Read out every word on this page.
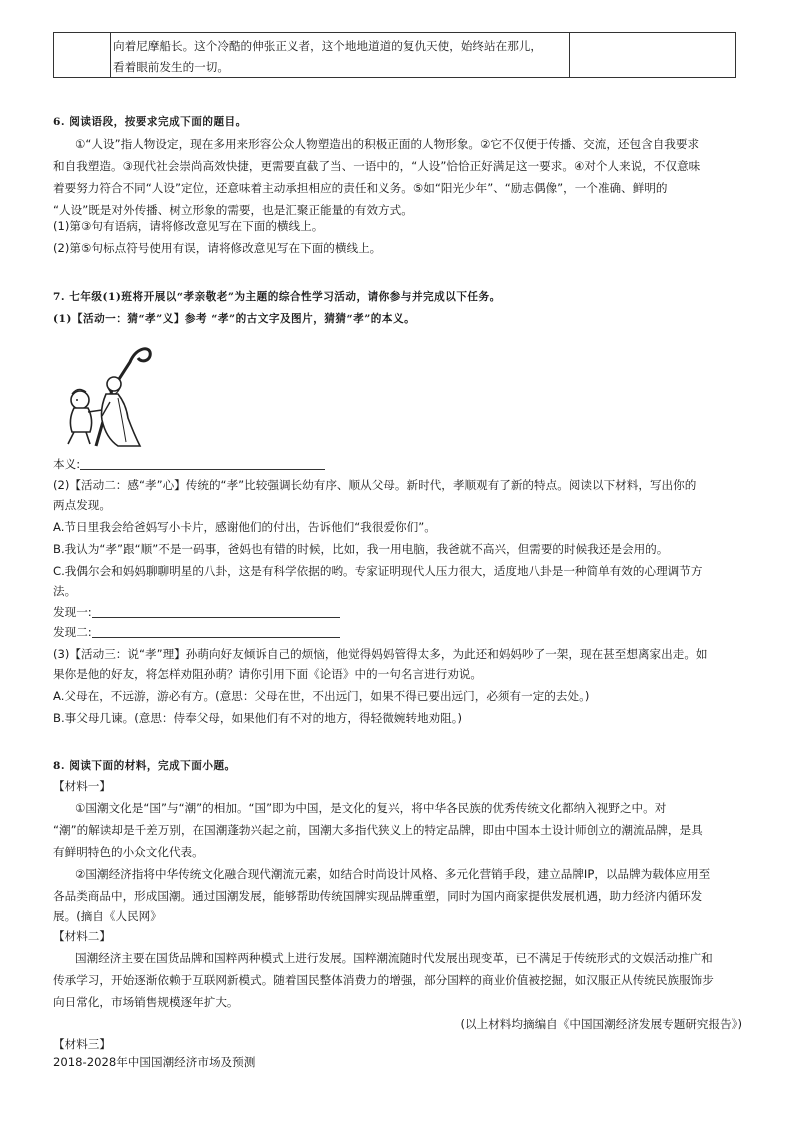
向着尼摩船长。这个冷酷的伸张正义者，这个地地道道的复仇天使，始终站在那儿，
看着眼前发生的一切。

6. 阅读语段，按要求完成下面的题目。
①“人设”指人物设定，现在多用来形容公众人物塑造出的积极正面的人物形象。②它不仅便于传播、交流，还包含自我要求
和自我塑造。③现代社会崇尚高效快捷，更需要直截了当、一语中的，“人设”恰恰正好满足这一要求。④对个人来说，不仅意味
着要努力符合不同“人设”定位，还意味着主动承担相应的责任和义务。⑤如“阳光少年”、“励志偶像”，一个准确、鲜明的
“人设”既是对外传播、树立形象的需要，也是汇聚正能量的有效方式。
(1)第③句有语病，请将修改意见写在下面的横线上。
(2)第⑤句标点符号使用有误，请将修改意见写在下面的横线上。
7. 七年级(1)班将开展以“孝亲敬老”为主题的综合性学习活动，请你参与并完成以下任务。
(1)【活动一：猜“孝”义】参考 “孝”的古文字及图片，猜猜“孝”的本义。
本义:
(2)【活动二：感“孝”心】传统的“孝”比较强调长幼有序、顺从父母。新时代，孝顺观有了新的特点。阅读以下材料，写出你的
两点发现。
A.节日里我会给爸妈写小卡片，感谢他们的付出，告诉他们“我很爱你们”。
B.我认为“孝”跟“顺”不是一码事，爸妈也有错的时候，比如，我一用电脑，我爸就不高兴，但需要的时候我还是会用的。
C.我偶尔会和妈妈聊聊明星的八卦，这是有科学依据的哟。专家证明现代人压力很大，适度地八卦是一种简单有效的心理调节方
法。
发现一:
发现二:
(3)【活动三：说“孝”理】孙萌向好友倾诉自己的烦恼，他觉得妈妈管得太多，为此还和妈妈吵了一架，现在甚至想离家出走。如
果你是他的好友，将怎样劝阻孙萌？请你引用下面《论语》中的一句名言进行劝说。
A.父母在，不远游，游必有方。(意思：父母在世，不出远门，如果不得已要出远门，必须有一定的去处。)
B.事父母几谏。(意思：侍奉父母，如果他们有不对的地方，得轻微婉转地劝阻。)
8. 阅读下面的材料，完成下面小题。
【材料一】
①国潮文化是“国”与“潮”的相加。“国”即为中国，是文化的复兴，将中华各民族的优秀传统文化都纳入视野之中。对
“潮”的解读却是千差万别，在国潮蓬勃兴起之前，国潮大多指代狭义上的特定品牌，即由中国本土设计师创立的潮流品牌，是具
有鲜明特色的小众文化代表。
②国潮经济指将中华传统文化融合现代潮流元素，如结合时尚设计风格、多元化营销手段，建立品牌IP，以品牌为载体应用至
各品类商品中，形成国潮。通过国潮发展，能够帮助传统国牌实现品牌重塑，同时为国内商家提供发展机遇，助力经济内循环发
展。(摘自《人民网》
【材料二】
国潮经济主要在国货品牌和国粹两种模式上进行发展。国粹潮流随时代发展出现变革，已不满足于传统形式的文娱活动推广和
传承学习，开始逐渐依赖于互联网新模式。随着国民整体消费力的增强，部分国粹的商业价值被挖掘，如汉服正从传统民族服饰步
向日常化，市场销售规模逐年扩大。
(以上材料均摘编自《中国国潮经济发展专题研究报告》)
【材料三】
2018-2028年中国国潮经济市场及预测
